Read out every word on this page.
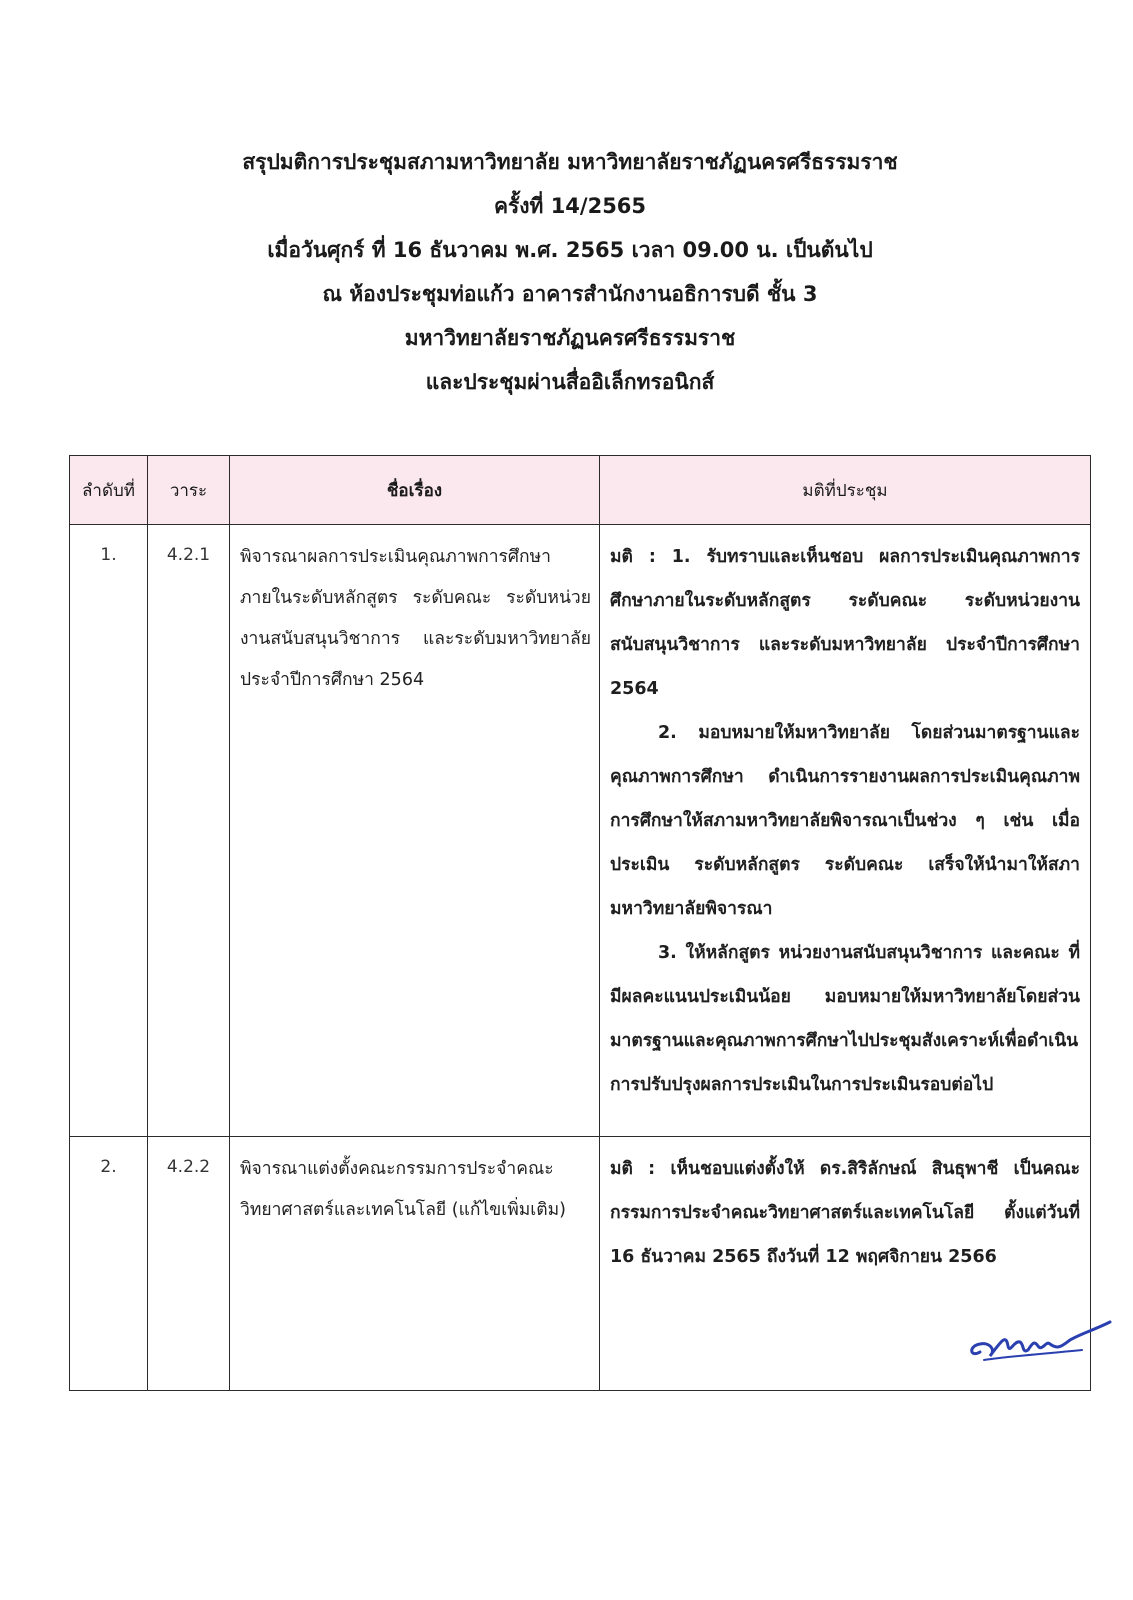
สรุปมติการประชุมสภามหาวิทยาลัย มหาวิทยาลัยราชภัฏนครศรีธรรมราช
ครั้งที่ 14/2565
เมื่อวันศุกร์ ที่ 16 ธันวาคม พ.ศ. 2565 เวลา 09.00 น. เป็นต้นไป
ณ ห้องประชุมท่อแก้ว อาคารสำนักงานอธิการบดี ชั้น 3
มหาวิทยาลัยราชภัฏนครศรีธรรมราช
และประชุมผ่านสื่ออิเล็กทรอนิกส์
ลำดับที่	วาระ	ชื่อเรื่อง	มติที่ประชุม
1.	4.2.1	พิจารณาผลการประเมินคุณภาพการศึกษาภายในระดับหลักสูตร ระดับคณะ ระดับหน่วยงานสนับสนุนวิชาการ และระดับมหาวิทยาลัย ประจำปีการศึกษา 2564	มติ : 1. รับทราบและเห็นชอบ ผลการประเมินคุณภาพการศึกษาภายในระดับหลักสูตร ระดับคณะ ระดับหน่วยงานสนับสนุนวิชาการ และระดับมหาวิทยาลัย ประจำปีการศึกษา 2564
2. มอบหมายให้มหาวิทยาลัย โดยส่วนมาตรฐานและคุณภาพการศึกษา ดำเนินการรายงานผลการประเมินคุณภาพการศึกษาให้สภามหาวิทยาลัยพิจารณาเป็นช่วง ๆ เช่น เมื่อประเมิน ระดับหลักสูตร ระดับคณะ เสร็จให้นำมาให้สภามหาวิทยาลัยพิจารณา
3. ให้หลักสูตร หน่วยงานสนับสนุนวิชาการ และคณะ ที่มีผลคะแนนประเมินน้อย มอบหมายให้มหาวิทยาลัยโดยส่วนมาตรฐานและคุณภาพการศึกษาไปประชุมสังเคราะห์เพื่อดำเนินการปรับปรุงผลการประเมินในการประเมินรอบต่อไป

2.	4.2.2	พิจารณาแต่งตั้งคณะกรรมการประจำคณะวิทยาศาสตร์และเทคโนโลยี (แก้ไขเพิ่มเติม)	มติ : เห็นชอบแต่งตั้งให้ ดร.สิริลักษณ์ สินธุพาชี เป็นคณะกรรมการประจำคณะวิทยาศาสตร์และเทคโนโลยี ตั้งแต่วันที่ 16 ธันวาคม 2565 ถึงวันที่ 12 พฤศจิกายน 2566
